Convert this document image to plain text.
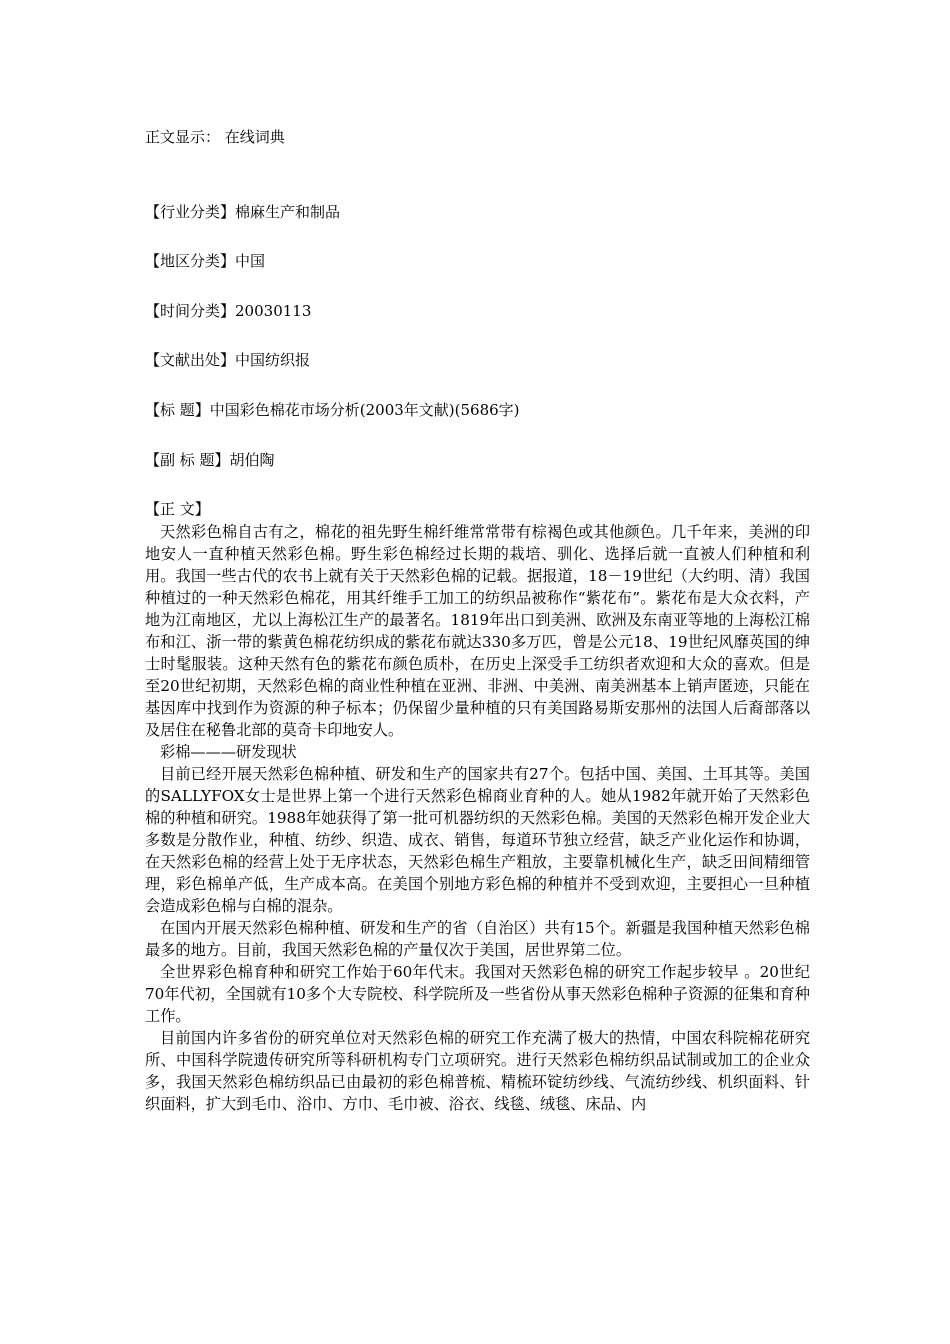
正文显示： 在线词典
【行业分类】棉麻生产和制品
【地区分类】中国
【时间分类】20030113
【文献出处】中国纺织报
【标 题】中国彩色棉花市场分析(2003年文献)(5686字)
【副 标 题】胡伯陶
【正 文】

天然彩色棉自古有之，棉花的祖先野生棉纤维常常带有棕褐色或其他颜色。几千年来，美洲的印地安人一直种植天然彩色棉。野生彩色棉经过长期的栽培、驯化、选择后就一直被人们种植和利用。我国一些古代的农书上就有关于天然彩色棉的记载。据报道，18－19世纪（大约明、清）我国种植过的一种天然彩色棉花，用其纤维手工加工的纺织品被称作“紫花布”。紫花布是大众衣料，产地为江南地区，尤以上海松江生产的最著名。1819年出口到美洲、欧洲及东南亚等地的上海松江棉布和江、浙一带的紫黄色棉花纺织成的紫花布就达330多万匹，曾是公元18、19世纪风靡英国的绅士时髦服装。这种天然有色的紫花布颜色质朴，在历史上深受手工纺织者欢迎和大众的喜欢。但是至20世纪初期，天然彩色棉的商业性种植在亚洲、非洲、中美洲、南美洲基本上销声匿迹，只能在基因库中找到作为资源的种子标本；仍保留少量种植的只有美国路易斯安那州的法国人后裔部落以及居住在秘鲁北部的莫奇卡印地安人。

彩棉———研发现状

目前已经开展天然彩色棉种植、研发和生产的国家共有27个。包括中国、美国、土耳其等。美国的SALLYFOX女士是世界上第一个进行天然彩色棉商业育种的人。她从1982年就开始了天然彩色棉的种植和研究。1988年她获得了第一批可机器纺织的天然彩色棉。美国的天然彩色棉开发企业大多数是分散作业，种植、纺纱、织造、成衣、销售，每道环节独立经营，缺乏产业化运作和协调，在天然彩色棉的经营上处于无序状态，天然彩色棉生产粗放，主要靠机械化生产，缺乏田间精细管理，彩色棉单产低，生产成本高。在美国个别地方彩色棉的种植并不受到欢迎，主要担心一旦种植会造成彩色棉与白棉的混杂。

在国内开展天然彩色棉种植、研发和生产的省（自治区）共有15个。新疆是我国种植天然彩色棉最多的地方。目前，我国天然彩色棉的产量仅次于美国，居世界第二位。

全世界彩色棉育种和研究工作始于60年代末。我国对天然彩色棉的研究工作起步较早 。20世纪70年代初，全国就有10多个大专院校、科学院所及一些省份从事天然彩色棉种子资源的征集和育种工作。

目前国内许多省份的研究单位对天然彩色棉的研究工作充满了极大的热情，中国农科院棉花研究所、中国科学院遗传研究所等科研机构专门立项研究。进行天然彩色棉纺织品试制或加工的企业众多，我国天然彩色棉纺织品已由最初的彩色棉普梳、精梳环锭纺纱线、气流纺纱线、机织面料、针织面料，扩大到毛巾、浴巾、方巾、毛巾被、浴衣、线毯、绒毯、床品、内
